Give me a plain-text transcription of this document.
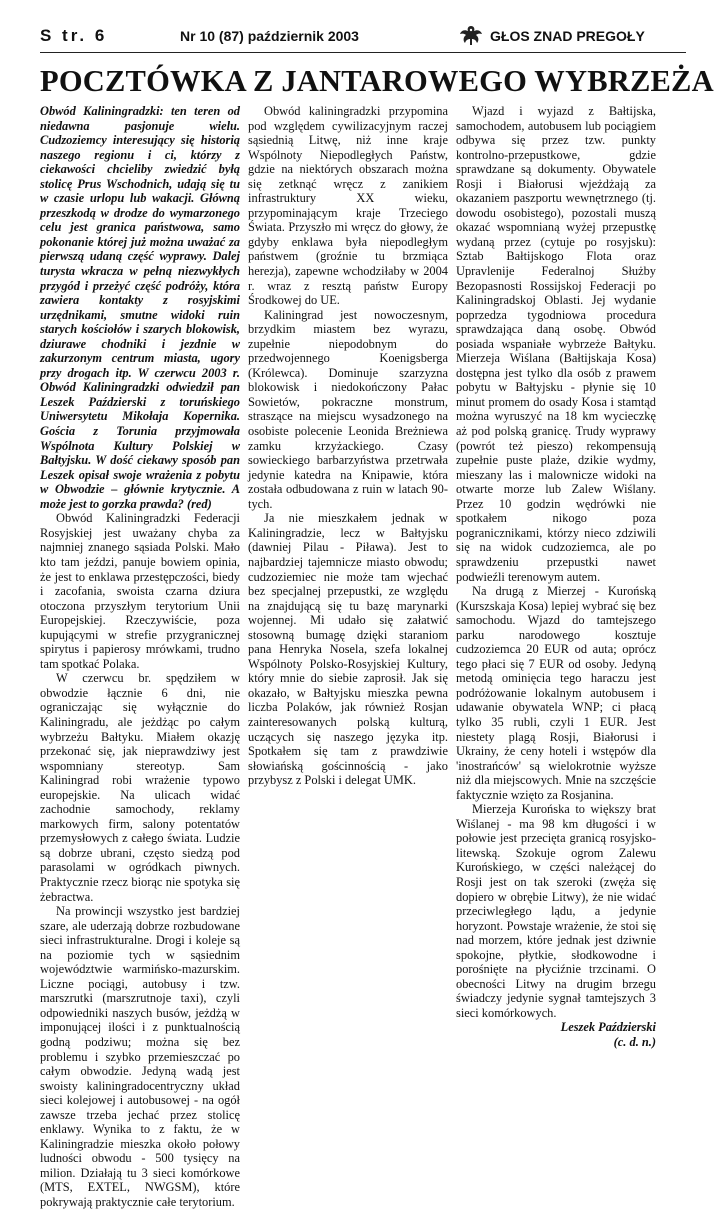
S tr. 6	Nr 10 (87) październik 2003	GŁOS ZNAD PREGOŁY
POCZTÓWKA Z JANTAROWEGO WYBRZEŻA

Obwód Kaliningradzki: ten teren od niedawna pasjonuje wielu. Cudzoziemcy interesujący się historią naszego regionu i ci, którzy z ciekawości chcieliby zwiedzić byłą stolicę Prus Wschodnich, udają się tu w czasie urlopu lub wakacji. Główną przeszkodą w drodze do wymarzonego celu jest granica państwowa, samo pokonanie której już można uważać za pierwszą udaną część wyprawy. Dalej turysta wkracza w pełną niezwykłych przygód i przeżyć część podróży, która zawiera kontakty z rosyjskimi urzędnikami, smutne widoki ruin starych kościołów i szarych blokowisk, dziurawe chodniki i jezdnie w zakurzonym centrum miasta, ugory przy drogach itp. W czerwcu 2003 r. Obwód Kaliningradzki odwiedził pan Leszek Paździerski z toruńskiego Uniwersytetu Mikołaja Kopernika. Gościa z Torunia przyjmowała Wspólnota Kultury Polskiej w Bałtyjsku. W dość ciekawy sposób pan Leszek opisał swoje wrażenia z pobytu w Obwodzie – głównie krytycznie. A może jest to gorzka prawda? (red)

Obwód Kaliningradzki Federacji Rosyjskiej jest uważany chyba za najmniej znanego sąsiada Polski. Mało kto tam jeździ, panuje bowiem opinia, że jest to enklawa przestępczości, biedy i zacofania, swoista czarna dziura otoczona przyszłym terytorium Unii Europejskiej. Rzeczywiście, poza kupującymi w strefie przygranicznej spirytus i papierosy mrówkami, trudno tam spotkać Polaka.

W czerwcu br. spędziłem w obwodzie łącznie 6 dni, nie ograniczając się wyłącznie do Kaliningradu, ale jeżdżąc po całym wybrzeżu Bałtyku. Miałem okazję przekonać się, jak nieprawdziwy jest wspomniany stereotyp. Sam Kaliningrad robi wrażenie typowo europejskie. Na ulicach widać zachodnie samochody, reklamy markowych firm, salony potentatów przemysłowych z całego świata. Ludzie są dobrze ubrani, często siedzą pod parasolami w ogródkach piwnych. Praktycznie rzecz biorąc nie spotyka się żebractwa.

Na prowincji wszystko jest bardziej szare, ale uderzają dobrze rozbudowane sieci infrastrukturalne. Drogi i koleje są na poziomie tych w sąsiednim województwie warmińsko-mazurskim. Liczne pociągi, autobusy i tzw. marszrutki (marszrutnoje taxi), czyli odpowiedniki naszych busów, jeżdżą w imponującej ilości i z punktualnością godną podziwu; można się bez problemu i szybko przemieszczać po całym obwodzie. Jedyną wadą jest swoisty kaliningradocentryczny układ sieci kolejowej i autobusowej - na ogół zawsze trzeba jechać przez stolicę enklawy. Wynika to z faktu, że w Kaliningradzie mieszka około połowy ludności obwodu - 500 tysięcy na milion. Działają tu 3 sieci komórkowe (MTS, EXTEL, NWGSM), które pokrywają praktycznie całe terytorium.

Obwód kaliningradzki przypomina pod względem cywilizacyjnym raczej sąsiednią Litwę, niż inne kraje Wspólnoty Niepodległych Państw, gdzie na niektórych obszarach można się zetknąć wręcz z zanikiem infrastruktury XX wieku, przypominającym kraje Trzeciego Świata. Przyszło mi wręcz do głowy, że gdyby enklawa była niepodległym państwem (groźnie tu brzmiąca herezja), zapewne wchodziłaby w 2004 r. wraz z resztą państw Europy Środkowej do UE.

Kaliningrad jest nowoczesnym, brzydkim miastem bez wyrazu, zupełnie niepodobnym do przedwojennego Koenigsberga (Królewca). Dominuje szarzyzna blokowisk i niedokończony Pałac Sowietów, pokraczne monstrum, straszące na miejscu wysadzonego na osobiste polecenie Leonida Breżniewa zamku krzyżackiego. Czasy sowieckiego barbarzyństwa przetrwała jedynie katedra na Knipawie, która została odbudowana z ruin w latach 90-tych.

Ja nie mieszkałem jednak w Kaliningradzie, lecz w Bałtyjsku (dawniej Pilau - Piława). Jest to najbardziej tajemnicze miasto obwodu; cudzoziemiec nie może tam wjechać bez specjalnej przepustki, ze względu na znajdującą się tu bazę marynarki wojennej. Mi udało się załatwić stosowną bumagę dzięki staraniom pana Henryka Nosela, szefa lokalnej Wspólnoty Polsko-Rosyjskiej Kultury, który mnie do siebie zaprosił. Jak się okazało, w Bałtyjsku mieszka pewna liczba Polaków, jak również Rosjan zainteresowanych polską kulturą, uczących się naszego języka itp. Spotkałem się tam z prawdziwie słowiańską gościnnością - jako przybysz z Polski i delegat UMK.

Wjazd i wyjazd z Bałtijska, samochodem, autobusem lub pociągiem odbywa się przez tzw. punkty kontrolno-przepustkowe, gdzie sprawdzane są dokumenty. Obywatele Rosji i Białorusi wjeżdżają za okazaniem paszportu wewnętrznego (tj. dowodu osobistego), pozostali muszą okazać wspomnianą wyżej przepustkę wydaną przez (cytuje po rosyjsku): Sztab Bałtijskogo Flota oraz Upravlenije Federalnoj Służby Bezopasnosti Rossijskoj Federacji po Kaliningradskoj Oblasti. Jej wydanie poprzedza tygodniowa procedura sprawdzająca daną osobę. Obwód posiada wspaniałe wybrzeże Bałtyku. Mierzeja Wiślana (Bałtijskaja Kosa) dostępna jest tylko dla osób z prawem pobytu w Bałtyjsku - płynie się 10 minut promem do osady Kosa i stamtąd można wyruszyć na 18 km wycieczkę aż pod polską granicę. Trudy wyprawy (powrót też pieszo) rekompensują zupełnie puste plaże, dzikie wydmy, mieszany las i malownicze widoki na otwarte morze lub Zalew Wiślany. Przez 10 godzin wędrówki nie spotkałem nikogo poza pogranicznikami, którzy nieco zdziwili się na widok cudzoziemca, ale po sprawdzeniu przepustki nawet podwieźli terenowym autem.

Na drugą z Mierzej - Kurońską (Kurszskaja Kosa) lepiej wybrać się bez samochodu. Wjazd do tamtejszego parku narodowego kosztuje cudzoziemca 20 EUR od auta; oprócz tego płaci się 7 EUR od osoby. Jedyną metodą ominięcia tego haraczu jest podróżowanie lokalnym autobusem i udawanie obywatela WNP; ci płacą tylko 35 rubli, czyli 1 EUR. Jest niestety plagą Rosji, Białorusi i Ukrainy, że ceny hoteli i wstępów dla 'inostrańców' są wielokrotnie wyższe niż dla miejscowych. Mnie na szczęście faktycznie wzięto za Rosjanina.

Mierzeja Kurońska to większy brat Wiślanej - ma 98 km długości i w połowie jest przecięta granicą rosyjsko-litewską. Szokuje ogrom Zalewu Kurońskiego, w części należącej do Rosji jest on tak szeroki (zwęża się dopiero w obrębie Litwy), że nie widać przeciwległego lądu, a jedynie horyzont. Powstaje wrażenie, że stoi się nad morzem, które jednak jest dziwnie spokojne, płytkie, słodkowodne i porośnięte na płyciźnie trzcinami. O obecności Litwy na drugim brzegu świadczy jedynie sygnał tamtejszych 3 sieci komórkowych.

Leszek Paździerski

(c. d. n.)
